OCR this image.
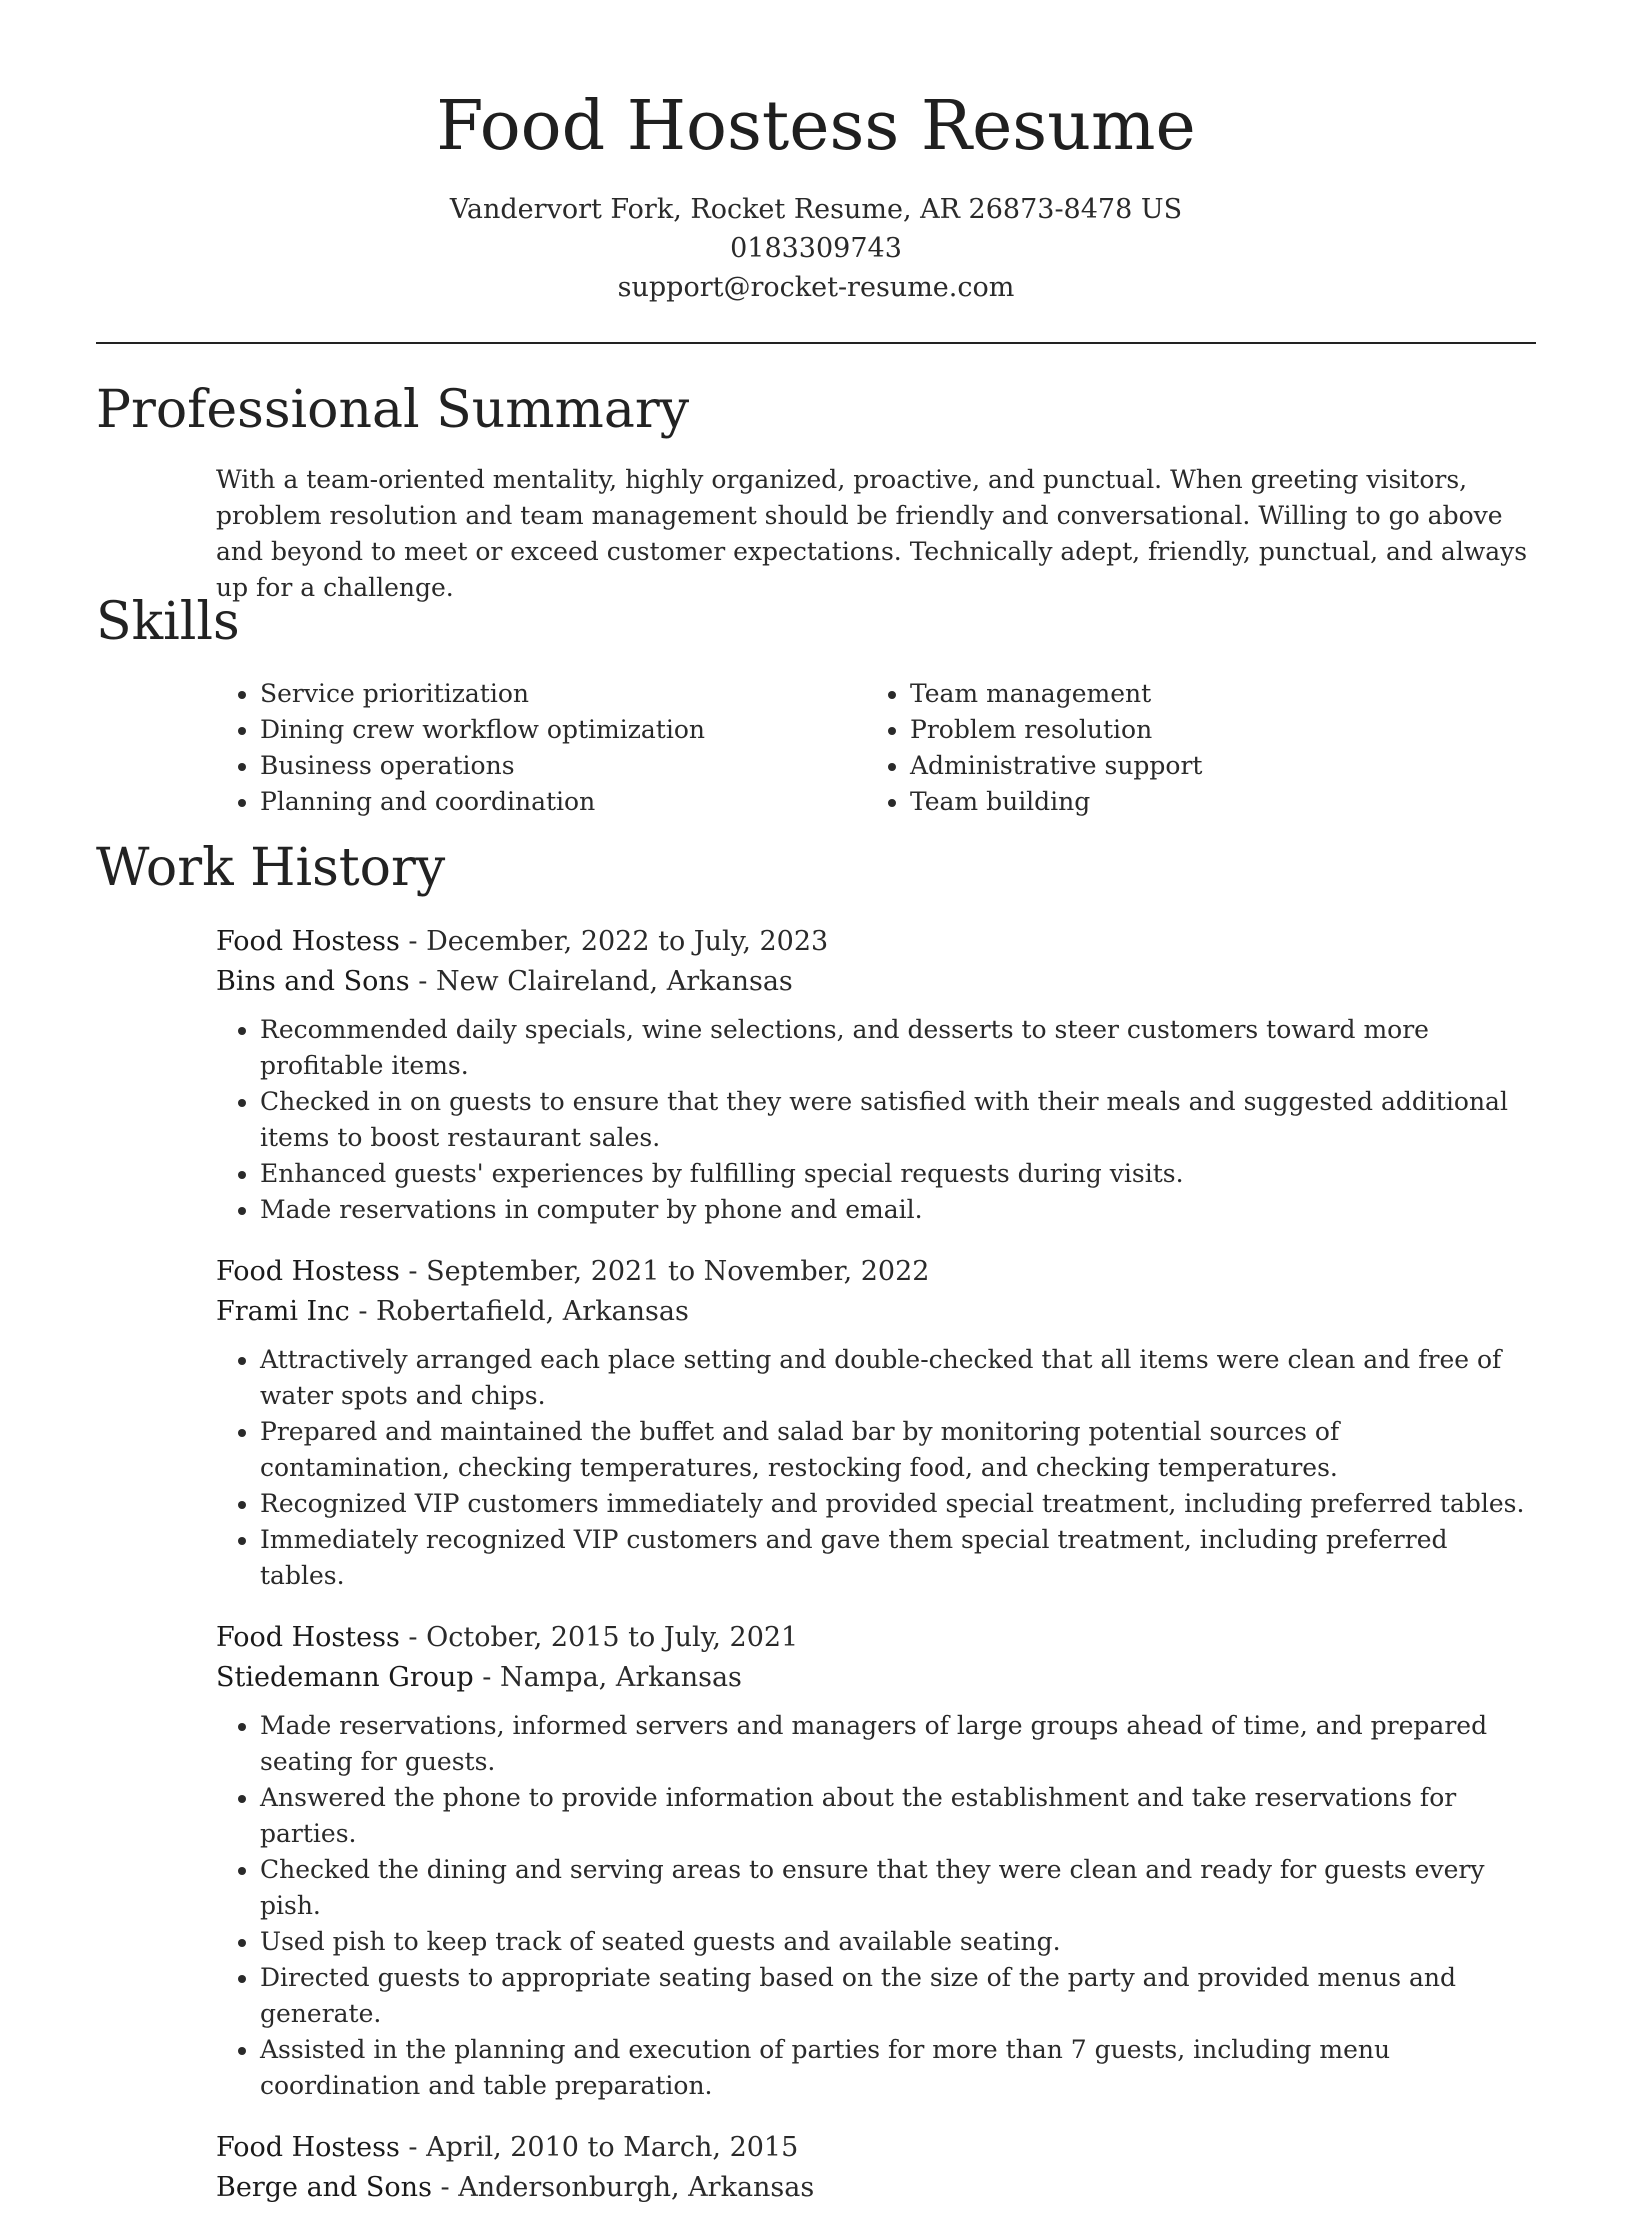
Food Hostess Resume
Vandervort Fork, Rocket Resume, AR 26873-8478 US
0183309743
support@rocket-resume.com
Professional Summary

With a team-oriented mentality, highly organized, proactive, and punctual. When greeting visitors, problem resolution and team management should be friendly and conversational. Willing to go above and beyond to meet or exceed customer expectations. Technically adept, friendly, punctual, and always up for a challenge.

Skills
• Service prioritization
• Dining crew workflow optimization
• Business operations
• Planning and coordination
• Team management
• Problem resolution
• Administrative support
• Team building
Work History
Food Hostess - December, 2022 to July, 2023
Bins and Sons - New Claireland, Arkansas
• Recommended daily specials, wine selections, and desserts to steer customers toward more profitable items.
• Checked in on guests to ensure that they were satisfied with their meals and suggested additional items to boost restaurant sales.
• Enhanced guests' experiences by fulfilling special requests during visits.
• Made reservations in computer by phone and email.
Food Hostess - September, 2021 to November, 2022
Frami Inc - Robertafield, Arkansas
• Attractively arranged each place setting and double-checked that all items were clean and free of water spots and chips.
• Prepared and maintained the buffet and salad bar by monitoring potential sources of contamination, checking temperatures, restocking food, and checking temperatures.
• Recognized VIP customers immediately and provided special treatment, including preferred tables.
• Immediately recognized VIP customers and gave them special treatment, including preferred tables.
Food Hostess - October, 2015 to July, 2021
Stiedemann Group - Nampa, Arkansas
• Made reservations, informed servers and managers of large groups ahead of time, and prepared seating for guests.
• Answered the phone to provide information about the establishment and take reservations for parties.
• Checked the dining and serving areas to ensure that they were clean and ready for guests every pish.
• Used pish to keep track of seated guests and available seating.
• Directed guests to appropriate seating based on the size of the party and provided menus and generate.
• Assisted in the planning and execution of parties for more than 7 guests, including menu coordination and table preparation.
Food Hostess - April, 2010 to March, 2015
Berge and Sons - Andersonburgh, Arkansas
